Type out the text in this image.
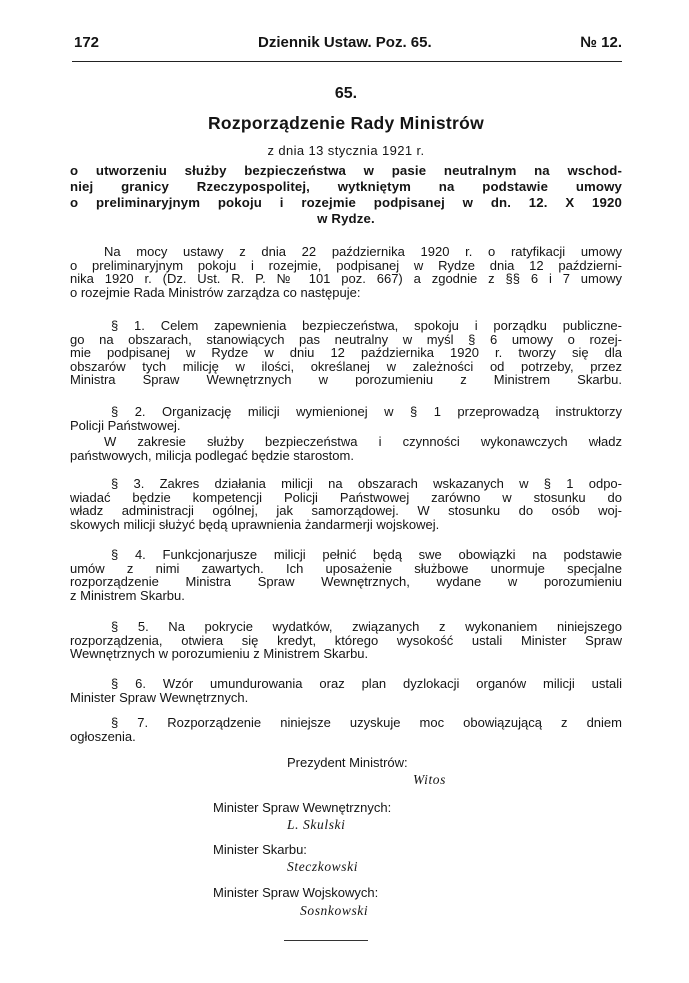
172	Dziennik Ustaw. Poz. 65.	№ 12.
65.
Rozporządzenie Rady Ministrów
z dnia 13 stycznia 1921 r.
o utworzeniu służby bezpieczeństwa w pasie neutralnym na wschod-
niej granicy Rzeczypospolitej, wytkniętym na podstawie umowy
o preliminaryjnym pokoju i rozejmie podpisanej w dn. 12. X 1920
w Rydze.
Na mocy ustawy z dnia 22 października 1920 r. o ratyfikacji umowy
o preliminaryjnym pokoju i rozejmie, podpisanej w Rydze dnia 12 październi-
nika 1920 r. (Dz. Ust. R. P. № 101 poz. 667) a zgodnie z §§ 6 i 7 umowy
o rozejmie Rada Ministrów zarządza co następuje:
§ 1. Celem zapewnienia bezpieczeństwa, spokoju i porządku publiczne-
go na obszarach, stanowiących pas neutralny w myśl § 6 umowy o rozej-
mie podpisanej w Rydze w dniu 12 października 1920 r. tworzy się dla
obszarów tych milicję w ilości, określanej w zależności od potrzeby, przez
Ministra Spraw Wewnętrznych w porozumieniu z Ministrem Skarbu.
§ 2. Organizację milicji wymienionej w § 1 przeprowadzą instruktorzy
Policji Państwowej.
W zakresie służby bezpieczeństwa i czynności wykonawczych władz
państwowych, milicja podlegać będzie starostom.
§ 3. Zakres działania milicji na obszarach wskazanych w § 1 odpo-
wiadać będzie kompetencji Policji Państwowej zarówno w stosunku do
władz administracji ogólnej, jak samorządowej. W stosunku do osób woj-
skowych milicji służyć będą uprawnienia żandarmerji wojskowej.
§ 4. Funkcjonarjusze milicji pełnić będą swe obowiązki na podstawie
umów z nimi zawartych. Ich uposażenie służbowe unormuje specjalne
rozporządzenie Ministra Spraw Wewnętrznych, wydane w porozumieniu
z Ministrem Skarbu.
§ 5. Na pokrycie wydatków, związanych z wykonaniem niniejszego
rozporządzenia, otwiera się kredyt, którego wysokość ustali Minister Spraw
Wewnętrznych w porozumieniu z Ministrem Skarbu.
§ 6. Wzór umundurowania oraz plan dyzlokacji organów milicji ustali
Minister Spraw Wewnętrznych.
§ 7. Rozporządzenie niniejsze uzyskuje moc obowiązującą z dniem
ogłoszenia.
Prezydent Ministrów:
Witos
Minister Spraw Wewnętrznych:
L. Skulski
Minister Skarbu:
Steczkowski
Minister Spraw Wojskowych:
Sosnkowski
